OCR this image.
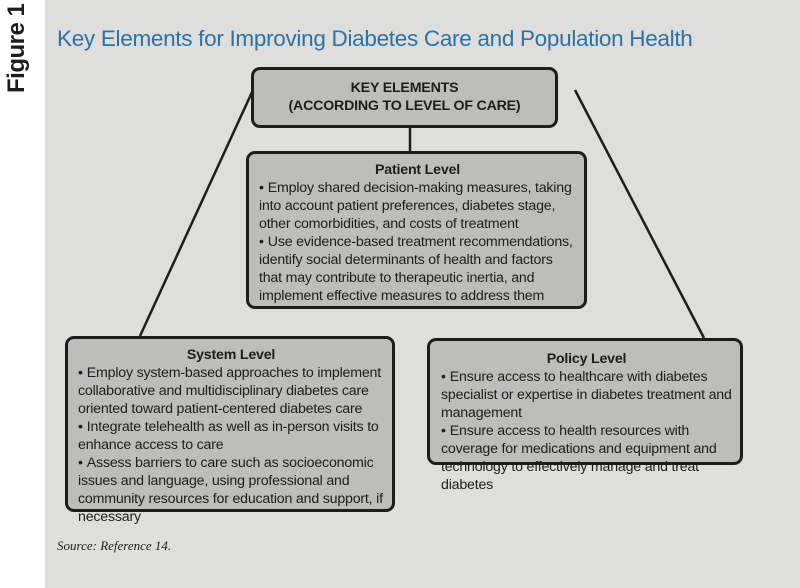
Figure 1 Key Elements for Improving Diabetes Care and Population Health
KEY ELEMENTS
(ACCORDING TO LEVEL OF CARE)
Patient Level
• Employ shared decision-making measures, taking into account patient preferences, diabetes stage, other comorbidities, and costs of treatment
• Use evidence-based treatment recommendations, identify social determinants of health and factors that may contribute to therapeutic inertia, and implement effective measures to address them
System Level
• Employ system-based approaches to implement collaborative and multidisciplinary diabetes care oriented toward patient-centered diabetes care
• Integrate telehealth as well as in-person visits to enhance access to care
• Assess barriers to care such as socioeconomic issues and language, using professional and community resources for education and support, if necessary
Policy Level
• Ensure access to healthcare with diabetes specialist or expertise in diabetes treatment and management
• Ensure access to health resources with coverage for medications and equipment and technology to effectively manage and treat diabetes
Source: Reference 14.
